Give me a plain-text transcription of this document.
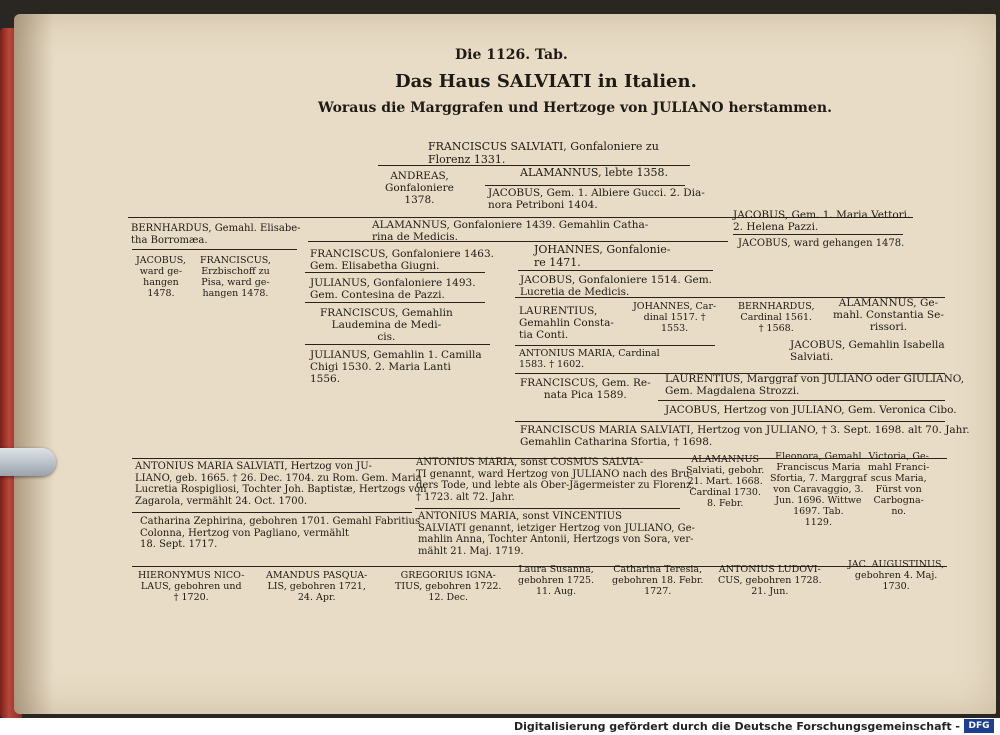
Die 1126. Tab.
Das Haus SALVIATI in Italien.
Woraus die Marggrafen und Hertzoge von JULIANO herstammen.
FRANCISCUS SALVIATI, Gonfaloniere zu
Florenz 1331.
ANDREAS,
Gonfaloniere
1378.
ALAMANNUS, lebte 1358.
JACOBUS, Gem. 1. Albiere Gucci. 2. Dia-
nora Petriboni 1404.
BERNHARDUS, Gemahl. Elisabe-
tha Borromæa.
ALAMANNUS, Gonfaloniere 1439. Gemahlin Catha-
rina de Medicis.
JACOBUS, Gem. 1. Maria Vettori.
2. Helena Pazzi.
JACOBUS,
ward ge-
hangen
1478.
FRANCISCUS,
Erzbischoff zu
Pisa, ward ge-
hangen 1478.
FRANCISCUS, Gonfaloniere 1463.
Gem. Elisabetha Giugni.
JOHANNES, Gonfalonie-
re 1471.
JACOBUS, ward gehangen 1478.
JULIANUS, Gonfaloniere 1493.
Gem. Contesina de Pazzi.
JACOBUS, Gonfaloniere 1514. Gem.
Lucretia de Medicis.
FRANCISCUS, Gemahlin
Laudemina de Medi-
cis.
LAURENTIUS,
Gemahlin Consta-
tia Conti.
JOHANNES, Car-
dinal 1517. †
1553.
BERNHARDUS,
Cardinal 1561.
† 1568.
ALAMANNUS, Ge-
mahl. Constantia Se-
rissori.
JULIANUS, Gemahlin 1. Camilla
Chigi 1530. 2. Maria Lanti
1556.
ANTONIUS MARIA, Cardinal
1583. † 1602.
JACOBUS, Gemahlin Isabella
Salviati.
FRANCISCUS, Gem. Re-
nata Pica 1589.
LAURENTIUS, Marggraf von JULIANO oder GIULIANO,
Gem. Magdalena Strozzi.
JACOBUS, Hertzog von JULIANO, Gem. Veronica Cibo.
FRANCISCUS MARIA SALVIATI, Hertzog von JULIANO, † 3. Sept. 1698. alt 70. Jahr.
Gemahlin Catharina Sfortia, † 1698.
ANTONIUS MARIA SALVIATI, Hertzog von JU-
LIANO, geb. 1665. † 26. Dec. 1704. zu Rom. Gem. Maria
Lucretia Rospigliosi, Tochter Joh. Baptistæ, Hertzogs von
Zagarola, vermählt 24. Oct. 1700.
ANTONIUS MARIA, sonst COSMUS SALVIA-
TI genannt, ward Hertzog von JULIANO nach des Bru-
ders Tode, und lebte als Ober-Jägermeister zu Florenz,
† 1723. alt 72. Jahr.
ALAMANNUS
Salviati, gebohr.
21. Mart. 1668.
Cardinal 1730.
8. Febr.
Eleonora, Gemahl
Franciscus Maria
Sfortia, 7. Marggraf
von Caravaggio, 3.
Jun. 1696. Wittwe
1697. Tab.
1129.
Victoria, Ge-
mahl Franci-
scus Maria,
Fürst von
Carbogna-
no.
Catharina Zephirina, gebohren 1701. Gemahl Fabritius
Colonna, Hertzog von Pagliano, vermählt
18. Sept. 1717.
ANTONIUS MARIA, sonst VINCENTIUS
SALVIATI genannt, ietziger Hertzog von JULIANO, Ge-
mahlin Anna, Tochter Antonii, Hertzogs von Sora, ver-
mählt 21. Maj. 1719.
HIERONYMUS NICO-
LAUS, gebohren und
† 1720.
AMANDUS PASQUA-
LIS, gebohren 1721,
24. Apr.
GREGORIUS IGNA-
TIUS, gebohren 1722.
12. Dec.
Laura Susanna,
gebohren 1725.
11. Aug.
Catharina Teresia,
gebohren 18. Febr.
1727.
ANTONIUS LUDOVI-
CUS, gebohren 1728.
21. Jun.
JAC. AUGUSTINUS,
gebohren 4. Maj.
1730.
Digitalisierung gefördert durch die Deutsche Forschungsgemeinschaft - DFG
